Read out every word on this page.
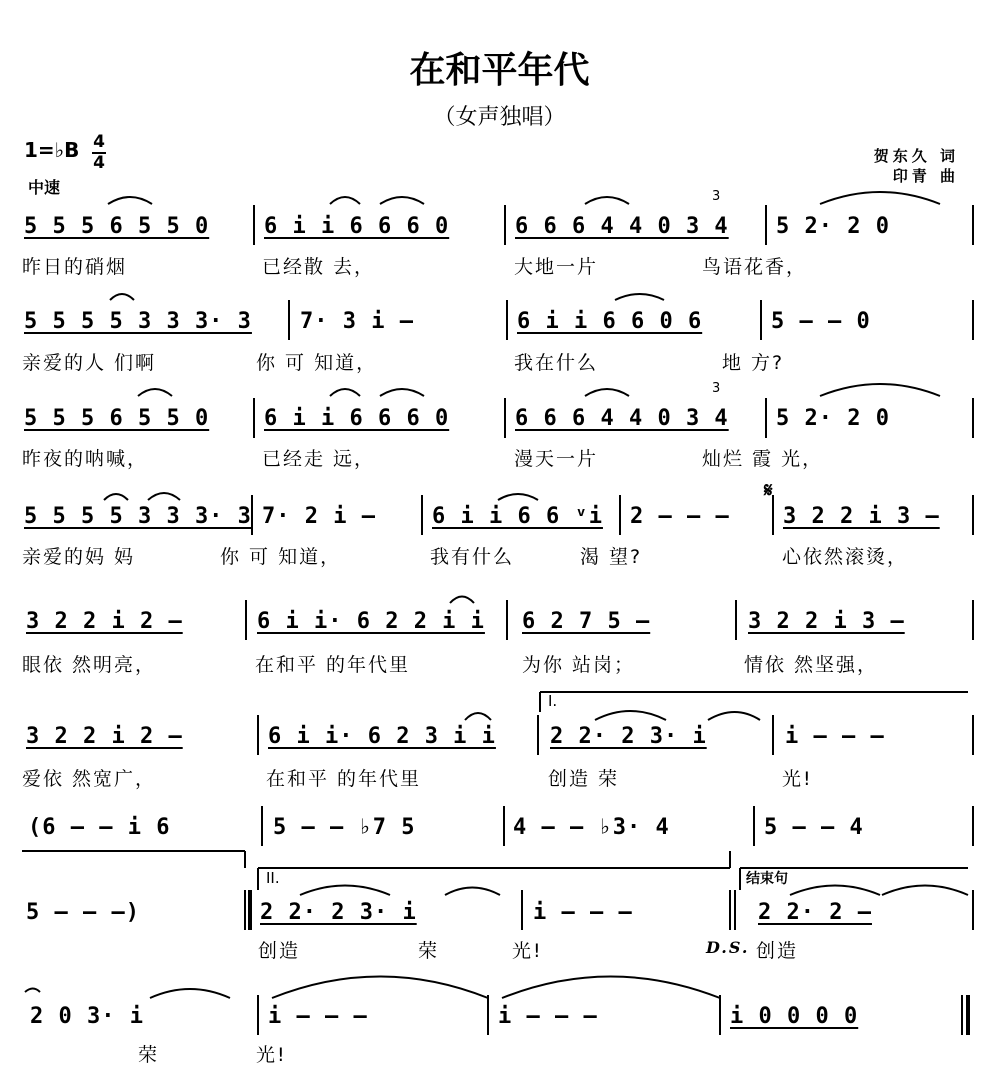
在和平年代
（女声独唱）
1=♭B 4
4
中速
贺东久 词
印青 曲
3
3
𝄋
I.
II.	结束句
5 5 5 6 5 5 0 6 i i 6 6 6 0	6 6 6 4 4 0 3 4 5 2· 2 0
昨日的硝烟	已经散 去，	大地一片	鸟语花香，
5 5 5 5 3 3 3· 3 7· 3 i –	6 i i 6 6 0 6	5 – – 0
亲爱的人 们啊	你 可 知道，	我在什么	地 方?
5 5 5 6 5 5 0 6 i i 6 6 6 0	6 6 6 4 4 0 3 4 5 2· 2 0
昨夜的呐喊，	已经走 远，	漫天一片	灿烂 霞 光，
5 5 5 5 3 3 3· 3 7· 2 i –	6 i i 6 6 ᵛi 2 – – – 3 2 2 i 3 –
亲爱的妈 妈	你 可 知道，	我有什么	渴 望?	心依然滚烫，
3 2 2 i 2 –	6 i i· 6 2 2 i i 6 2 7 5 –	3 2 2 i 3 –
眼依 然明亮，	在和平 的年代里	为你 站岗；	情依 然坚强，
3 2 2 i 2 –	6 i i· 6 2 3 i i 2 2· 2 3· i	i – – –
爱依 然宽广，	在和平 的年代里	创造 荣	光!
(6 – – i 6	5 – – ♭7 5	4 – – ♭3· 4	5 – – 4
5 – – –)	2 2· 2 3· i	i – – –	2 2· 2 –
创造	荣	光!	D.S. 创造
2 0 3· i	i – – –	i – – –	i 0 0 0 0
荣	光!
